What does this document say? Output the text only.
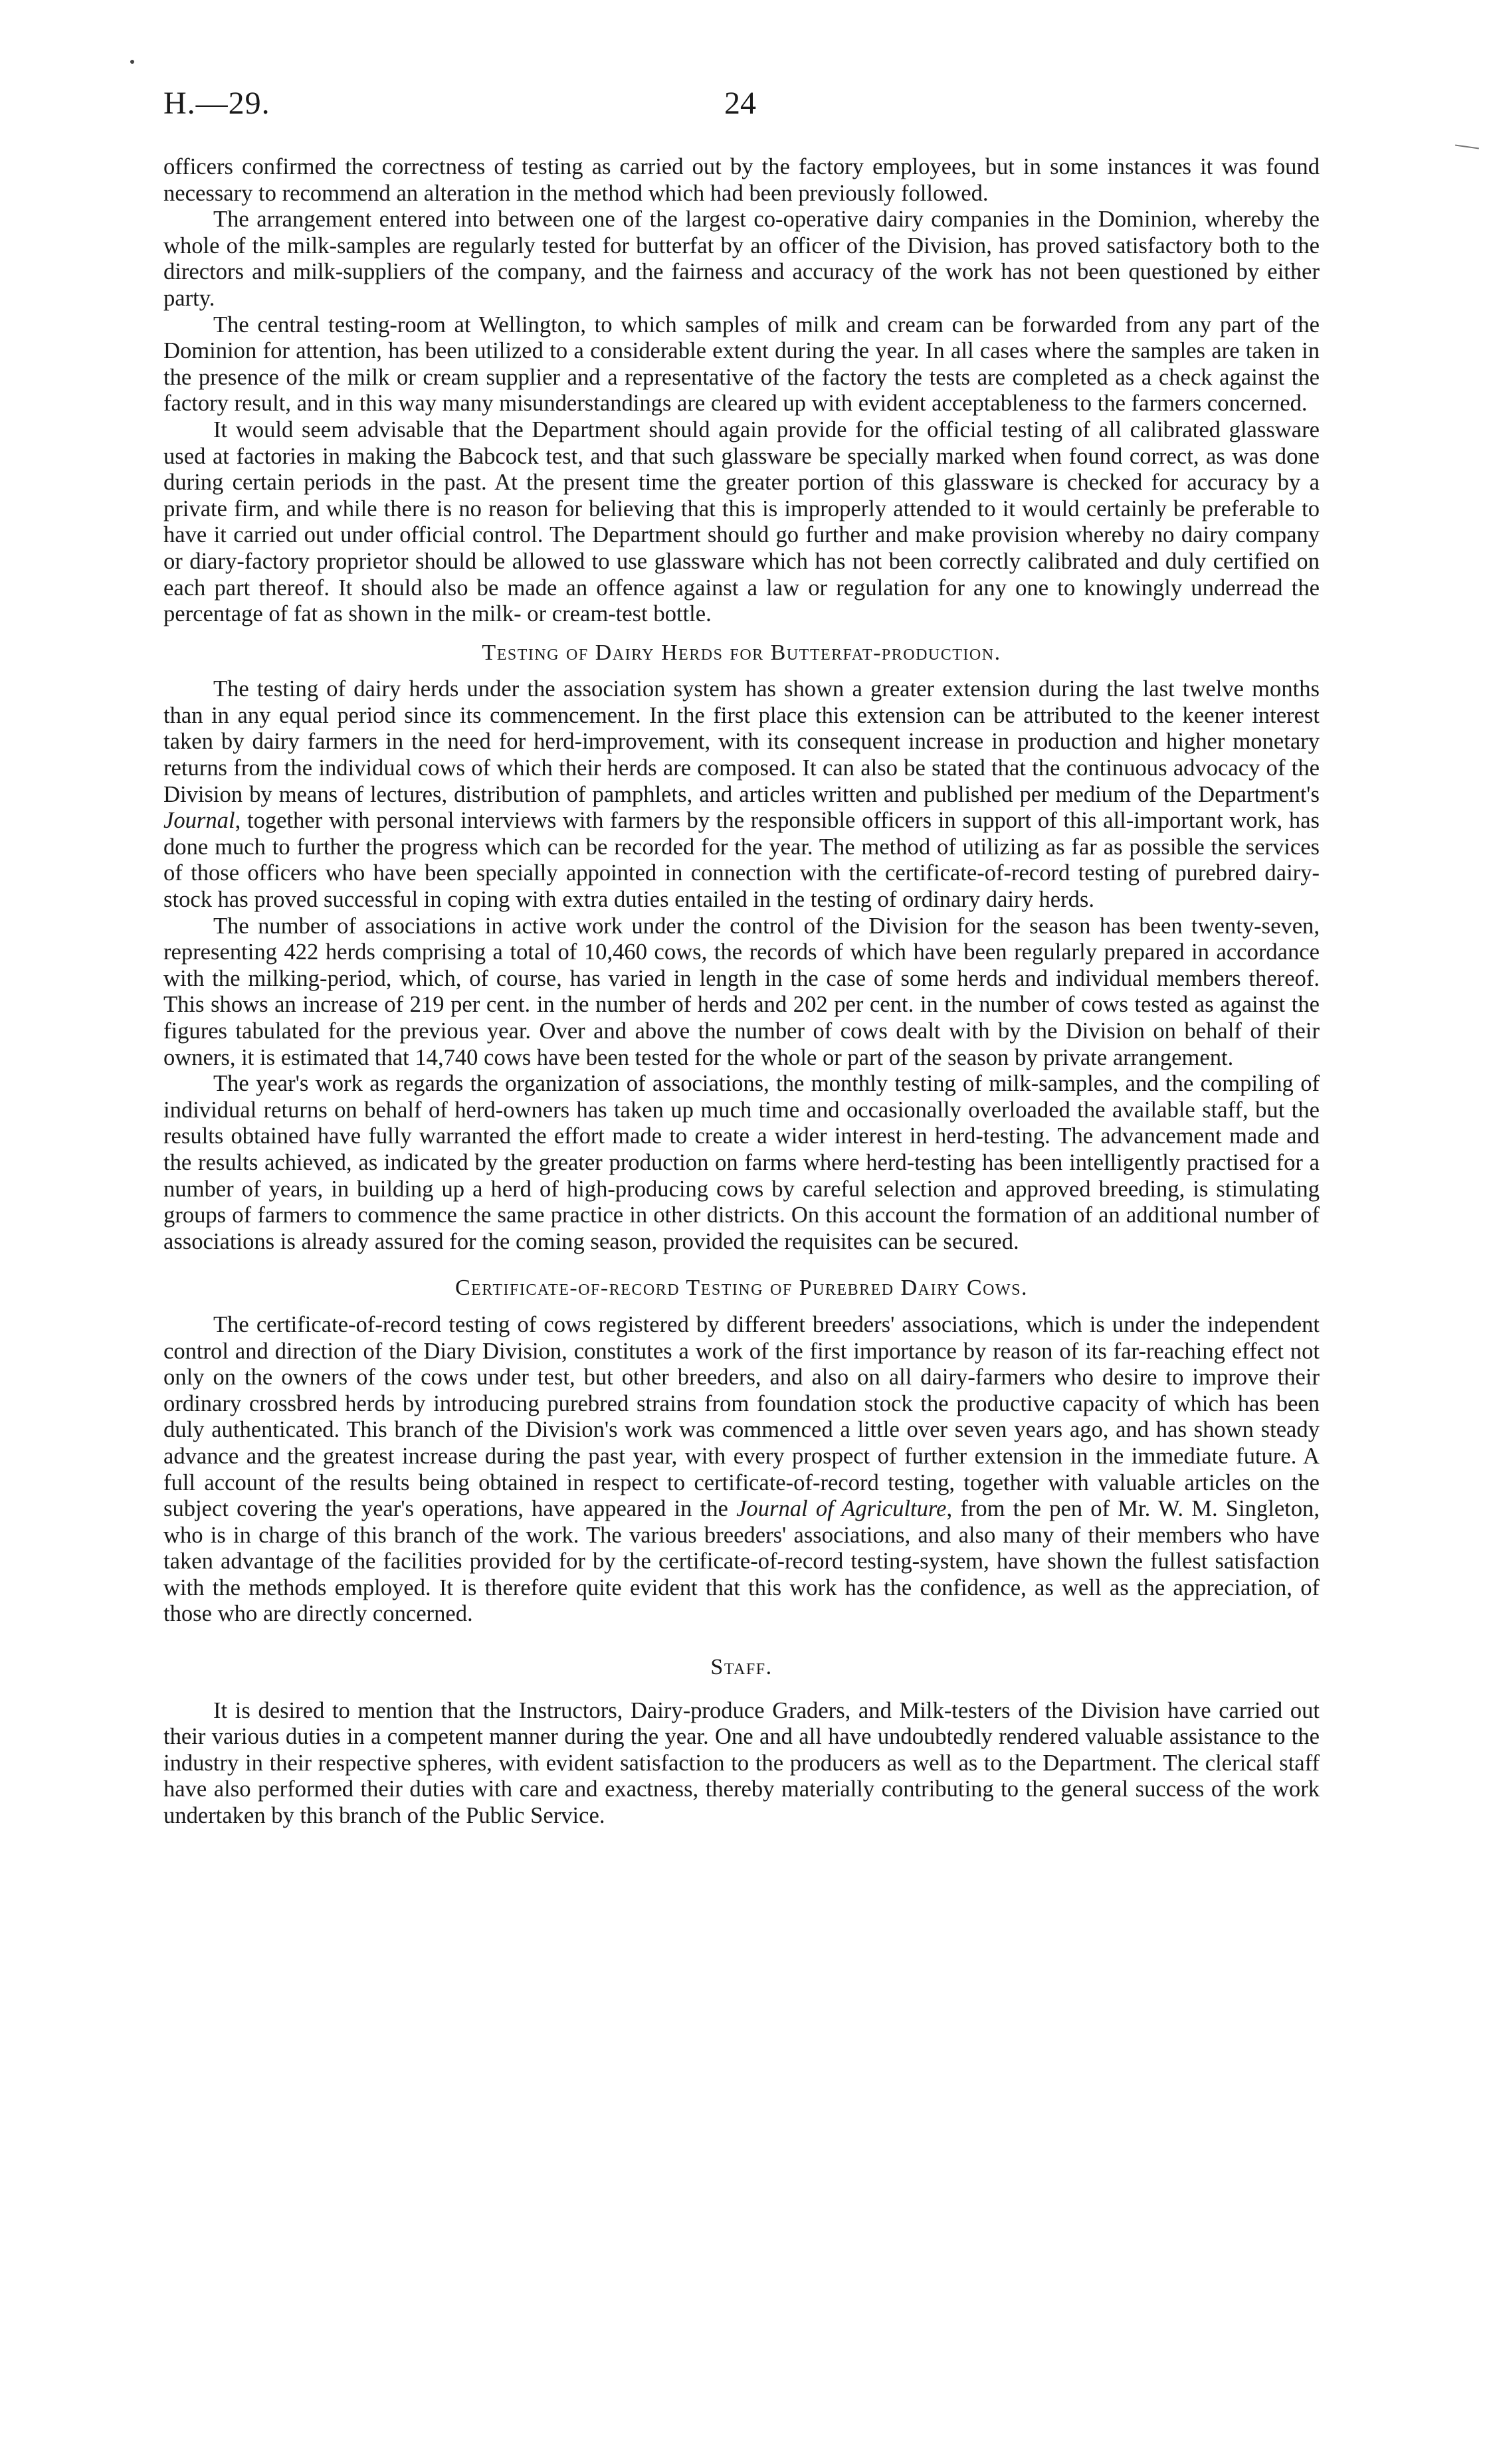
H.—29.	24

officers confirmed the correctness of testing as carried out by the factory employees, but in some instances it was found necessary to recommend an alteration in the method which had been previously followed.

The arrangement entered into between one of the largest co-operative dairy companies in the Dominion, whereby the whole of the milk-samples are regularly tested for butterfat by an officer of the Division, has proved satisfactory both to the directors and milk-suppliers of the company, and the fairness and accuracy of the work has not been questioned by either party.

The central testing-room at Wellington, to which samples of milk and cream can be forwarded from any part of the Dominion for attention, has been utilized to a considerable extent during the year. In all cases where the samples are taken in the presence of the milk or cream supplier and a representative of the factory the tests are completed as a check against the factory result, and in this way many misunderstandings are cleared up with evident acceptableness to the farmers concerned.

It would seem advisable that the Department should again provide for the official testing of all calibrated glassware used at factories in making the Babcock test, and that such glassware be specially marked when found correct, as was done during certain periods in the past. At the present time the greater portion of this glassware is checked for accuracy by a private firm, and while there is no reason for believing that this is improperly attended to it would certainly be preferable to have it carried out under official control. The Department should go further and make provision whereby no dairy company or diary-factory proprietor should be allowed to use glassware which has not been correctly calibrated and duly certified on each part thereof. It should also be made an offence against a law or regulation for any one to knowingly underread the percentage of fat as shown in the milk- or cream-test bottle.

Testing of Dairy Herds for Butterfat-production.

The testing of dairy herds under the association system has shown a greater extension during the last twelve months than in any equal period since its commencement. In the first place this extension can be attributed to the keener interest taken by dairy farmers in the need for herd-improvement, with its consequent increase in production and higher monetary returns from the individual cows of which their herds are composed. It can also be stated that the continuous advocacy of the Division by means of lectures, distribution of pamphlets, and articles written and published per medium of the Department's Journal, together with personal interviews with farmers by the responsible officers in support of this all-important work, has done much to further the progress which can be recorded for the year. The method of utilizing as far as possible the services of those officers who have been specially appointed in connection with the certificate-of-record testing of purebred dairy-stock has proved successful in coping with extra duties entailed in the testing of ordinary dairy herds.

The number of associations in active work under the control of the Division for the season has been twenty-seven, representing 422 herds comprising a total of 10,460 cows, the records of which have been regularly prepared in accordance with the milking-period, which, of course, has varied in length in the case of some herds and individual members thereof. This shows an increase of 219 per cent. in the number of herds and 202 per cent. in the number of cows tested as against the figures tabulated for the previous year. Over and above the number of cows dealt with by the Division on behalf of their owners, it is estimated that 14,740 cows have been tested for the whole or part of the season by private arrangement.

The year's work as regards the organization of associations, the monthly testing of milk-samples, and the compiling of individual returns on behalf of herd-owners has taken up much time and occasionally overloaded the available staff, but the results obtained have fully warranted the effort made to create a wider interest in herd-testing. The advancement made and the results achieved, as indicated by the greater production on farms where herd-testing has been intelligently practised for a number of years, in building up a herd of high-producing cows by careful selection and approved breeding, is stimulating groups of farmers to commence the same practice in other districts. On this account the formation of an additional number of associations is already assured for the coming season, provided the requisites can be secured.

Certificate-of-record Testing of Purebred Dairy Cows.

The certificate-of-record testing of cows registered by different breeders' associations, which is under the independent control and direction of the Diary Division, constitutes a work of the first importance by reason of its far-reaching effect not only on the owners of the cows under test, but other breeders, and also on all dairy-farmers who desire to improve their ordinary crossbred herds by introducing purebred strains from foundation stock the productive capacity of which has been duly authenticated. This branch of the Division's work was commenced a little over seven years ago, and has shown steady advance and the greatest increase during the past year, with every prospect of further extension in the immediate future. A full account of the results being obtained in respect to certificate-of-record testing, together with valuable articles on the subject covering the year's operations, have appeared in the Journal of Agriculture, from the pen of Mr. W. M. Singleton, who is in charge of this branch of the work. The various breeders' associations, and also many of their members who have taken advantage of the facilities provided for by the certificate-of-record testing-system, have shown the fullest satisfaction with the methods employed. It is therefore quite evident that this work has the confidence, as well as the appreciation, of those who are directly concerned.

Staff.

It is desired to mention that the Instructors, Dairy-produce Graders, and Milk-testers of the Division have carried out their various duties in a competent manner during the year. One and all have undoubtedly rendered valuable assistance to the industry in their respective spheres, with evident satisfaction to the producers as well as to the Department. The clerical staff have also performed their duties with care and exactness, thereby materially contributing to the general success of the work undertaken by this branch of the Public Service.
